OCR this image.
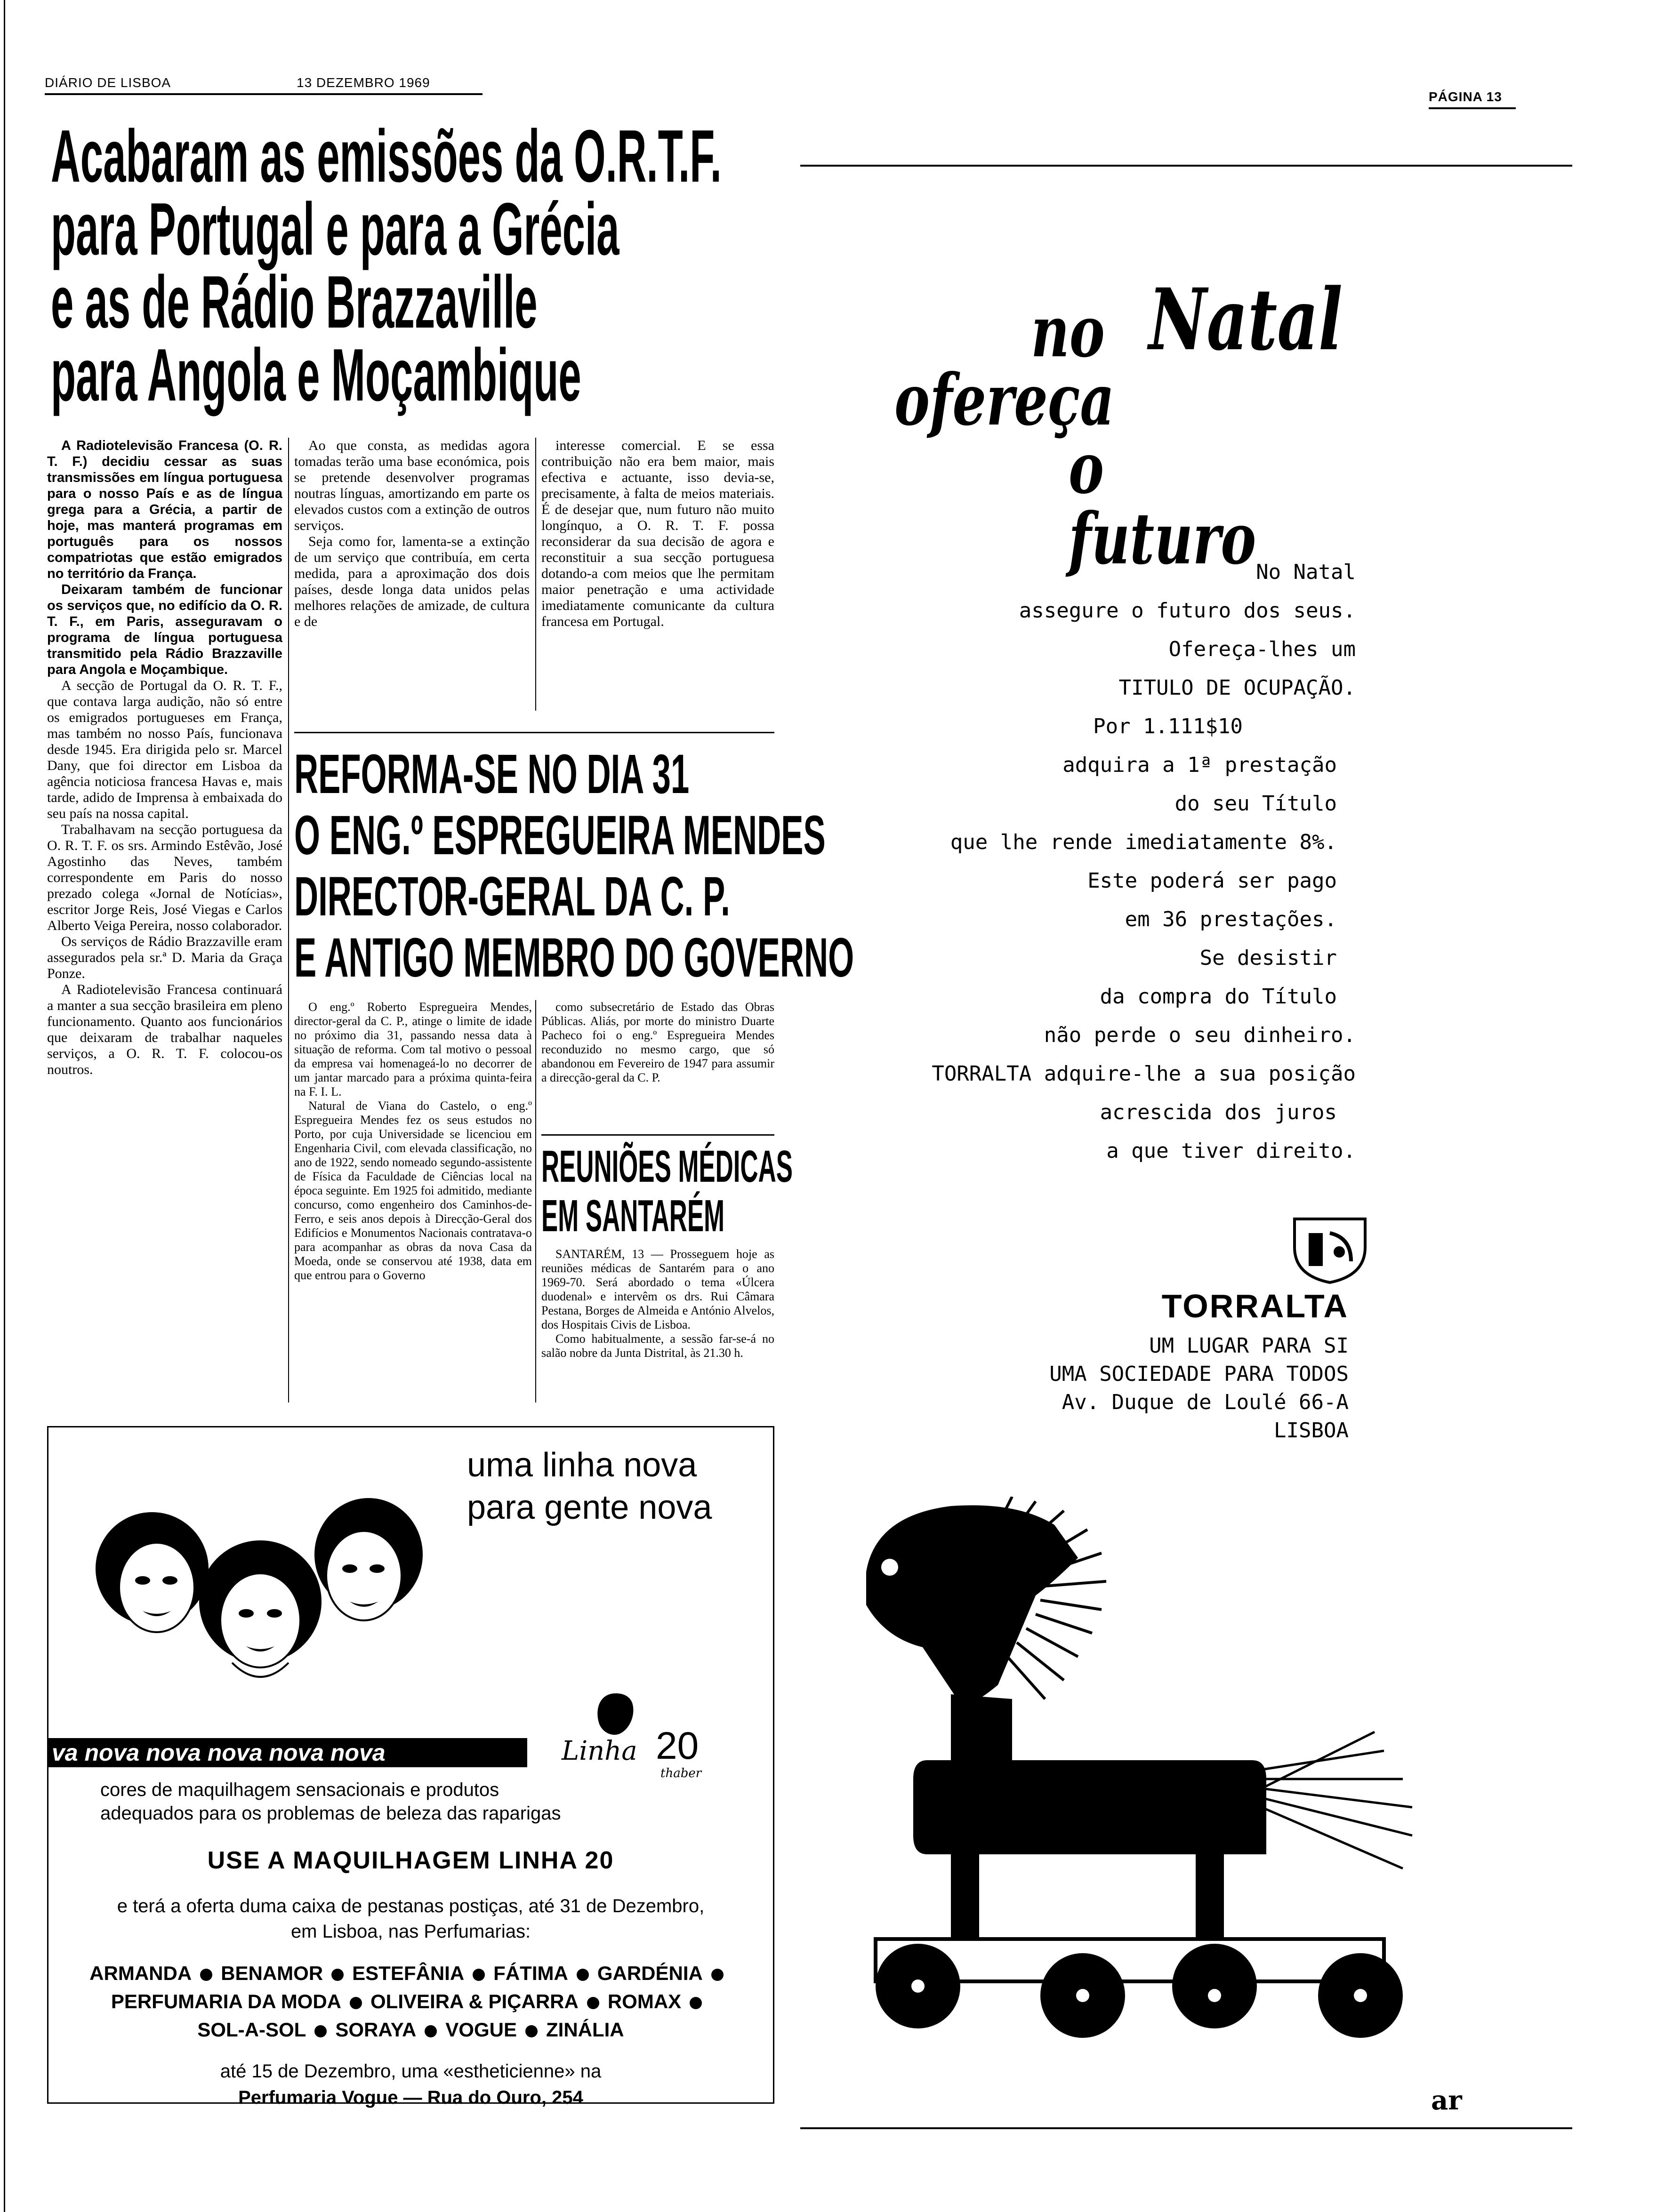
DIÁRIO DE LISBOA	13 DEZEMBRO 1969
PÁGINA 13
Acabaram as emissões da O.R.T.F.
para Portugal e para a Grécia
e as de Rádio Brazzaville
para Angola e Moçambique

A Radiotelevisão Francesa (O. R. T. F.) decidiu cessar as suas transmissões em língua portuguesa para o nosso País e as de língua grega para a Grécia, a partir de hoje, mas manterá programas em português para os nossos compatriotas que estão emigrados no território da França.

Deixaram também de funcionar os serviços que, no edifício da O. R. T. F., em Paris, asseguravam o programa de língua portuguesa transmitido pela Rádio Brazzaville para Angola e Moçambique.

A secção de Portugal da O. R. T. F., que contava larga audição, não só entre os emigrados portugueses em França, mas também no nosso País, funcionava desde 1945. Era dirigida pelo sr. Marcel Dany, que foi director em Lisboa da agência noticiosa francesa Havas e, mais tarde, adido de Imprensa à embaixada do seu país na nossa capital.

Trabalhavam na secção portuguesa da O. R. T. F. os srs. Armindo Estêvão, José Agostinho das Neves, também correspondente em Paris do nosso prezado colega «Jornal de Notícias», escritor Jorge Reis, José Viegas e Carlos Alberto Veiga Pereira, nosso colaborador.

Os serviços de Rádio Brazzaville eram assegurados pela sr.ª D. Maria da Graça Ponze.

A Radiotelevisão Francesa continuará a manter a sua secção brasileira em pleno funcionamento. Quanto aos funcionários que deixaram de trabalhar naqueles serviços, a O. R. T. F. colocou-os noutros.

Ao que consta, as medidas agora tomadas terão uma base económica, pois se pretende desenvolver programas noutras línguas, amortizando em parte os elevados custos com a extinção de outros serviços.

Seja como for, lamenta-se a extinção de um serviço que contribuía, em certa medida, para a aproximação dos dois países, desde longa data unidos pelas melhores relações de amizade, de cultura e de

interesse comercial. E se essa contribuição não era bem maior, mais efectiva e actuante, isso devia-se, precisamente, à falta de meios materiais. É de desejar que, num futuro não muito longínquo, a O. R. T. F. possa reconsiderar da sua decisão de agora e reconstituir a sua secção portuguesa dotando-a com meios que lhe permitam maior penetração e uma actividade imediatamente comunicante da cultura francesa em Portugal.

REFORMA-SE NO DIA 31
O ENG.º ESPREGUEIRA MENDES
DIRECTOR-GERAL DA C. P.
E ANTIGO MEMBRO DO GOVERNO

O eng.º Roberto Espregueira Mendes, director-geral da C. P., atinge o limite de idade no próximo dia 31, passando nessa data à situação de reforma. Com tal motivo o pessoal da empresa vai homenageá-lo no decorrer de um jantar marcado para a próxima quinta-feira na F. I. L.

Natural de Viana do Castelo, o eng.º Espregueira Mendes fez os seus estudos no Porto, por cuja Universidade se licenciou em Engenharia Civil, com elevada classificação, no ano de 1922, sendo nomeado segundo-assistente de Física da Faculdade de Ciências local na época seguinte. Em 1925 foi admitido, mediante concurso, como engenheiro dos Caminhos-de-Ferro, e seis anos depois à Direcção-Geral dos Edifícios e Monumentos Nacionais contratava-o para acompanhar as obras da nova Casa da Moeda, onde se conservou até 1938, data em que entrou para o Governo

como subsecretário de Estado das Obras Públicas. Aliás, por morte do ministro Duarte Pacheco foi o eng.º Espregueira Mendes reconduzido no mesmo cargo, que só abandonou em Fevereiro de 1947 para assumir a direcção-geral da C. P.

REUNIÕES MÉDICAS
EM SANTARÉM

SANTARÉM, 13 — Prosseguem hoje as reuniões médicas de Santarém para o ano 1969-70. Será abordado o tema «Úlcera duodenal» e intervêm os drs. Rui Câmara Pestana, Borges de Almeida e António Alvelos, dos Hospitais Civis de Lisboa.

Como habitualmente, a sessão far-se-á no salão nobre da Junta Distrital, às 21.30 h.

uma linha nova
para gente nova
va nova nova nova nova nova	Linha 20
thaber
cores de maquilhagem sensacionais e produtos
adequados para os problemas de beleza das raparigas
USE A MAQUILHAGEM LINHA 20
e terá a oferta duma caixa de pestanas postiças, até 31 de Dezembro,
em Lisboa, nas Perfumarias:
ARMANDA BENAMOR ESTEFÂNIA FÁTIMA GARDÉNIA
PERFUMARIA DA MODA OLIVEIRA & PIÇARRA ROMAX
SOL-A-SOL SORAYA VOGUE ZINÁLIA
até 15 de Dezembro, uma «estheticienne» na
Perfumaria Vogue — Rua do Ouro, 254
no Natal
ofereça
o futuro No Natal
assegure o futuro dos seus.
Ofereça-lhes um
TITULO DE OCUPAÇÃO.
Por 1.111$10
adquira a 1ª prestação
do seu Título
que lhe rende imediatamente 8%.
Este poderá ser pago
em 36 prestações.
Se desistir
da compra do Título
não perde o seu dinheiro.
TORRALTA adquire-lhe a sua posição
acrescida dos juros
a que tiver direito.
TORRALTA
UM LUGAR PARA SI
UMA SOCIEDADE PARA TODOS
Av. Duque de Loulé 66-A
LISBOA
ar
